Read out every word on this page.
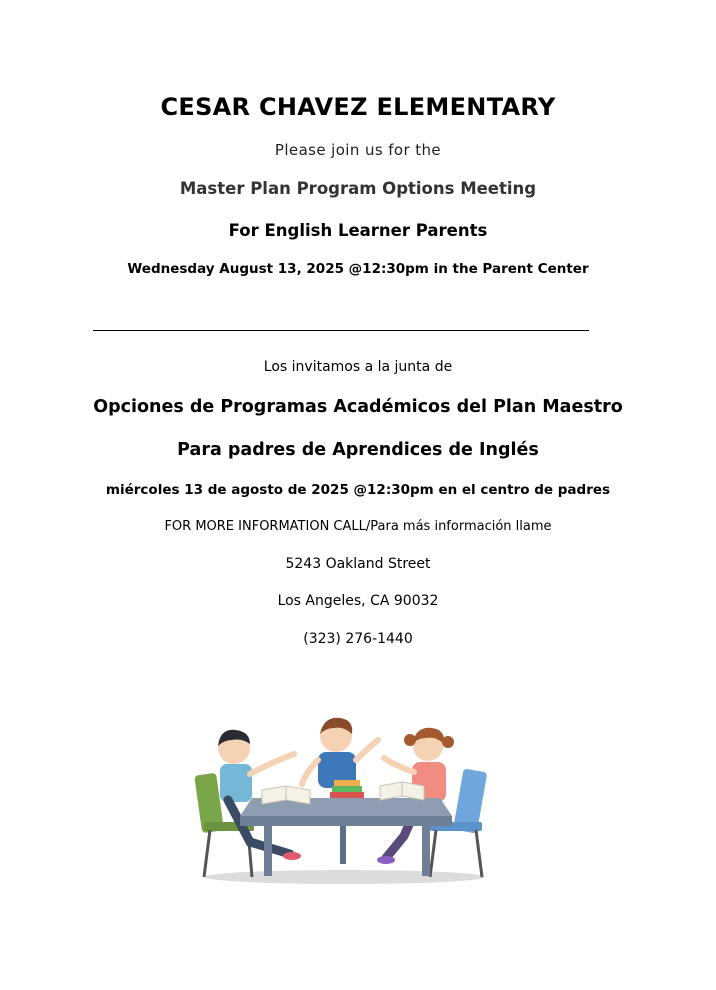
CESAR CHAVEZ ELEMENTARY
Please join us for the
Master Plan Program Options Meeting
For English Learner Parents
Wednesday August 13, 2025 @12:30pm in the Parent Center
Los invitamos a la junta de
Opciones de Programas Académicos del Plan Maestro
Para padres de Aprendices de Inglés
miércoles 13 de agosto de 2025 @12:30pm en el centro de padres
FOR MORE INFORMATION CALL/Para más información llame
5243 Oakland Street
Los Angeles, CA 90032
(323) 276-1440
